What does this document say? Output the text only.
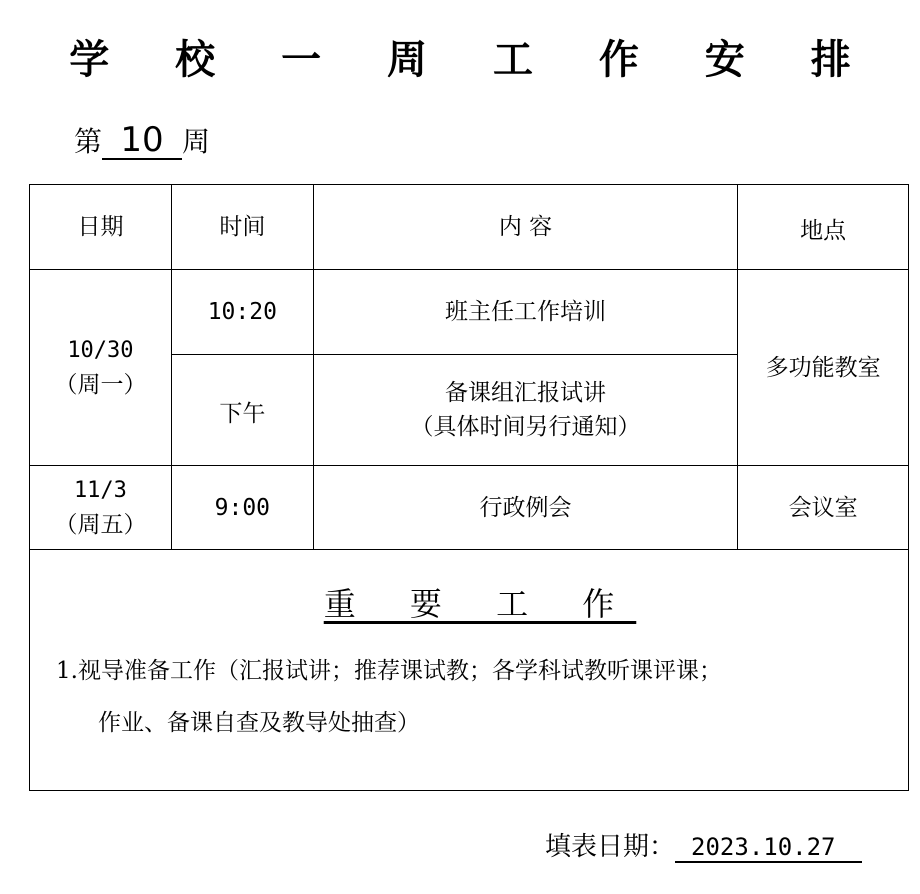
学 校 一 周 工 作 安 排
第 10 周
日期	时间	内 容	地点

10/30
（周一）	10:20	班主任工作培训	多功能教室
	下午	备课组汇报试讲
（具体时间另行通知）	

11/3
（周五）	9:00	行政例会	会议室
重 要 工 作
1.视导准备工作（汇报试讲；推荐课试教；各学科试教听课评课；
作业、备课自查及教导处抽查）
填表日期： 2023.10.27
